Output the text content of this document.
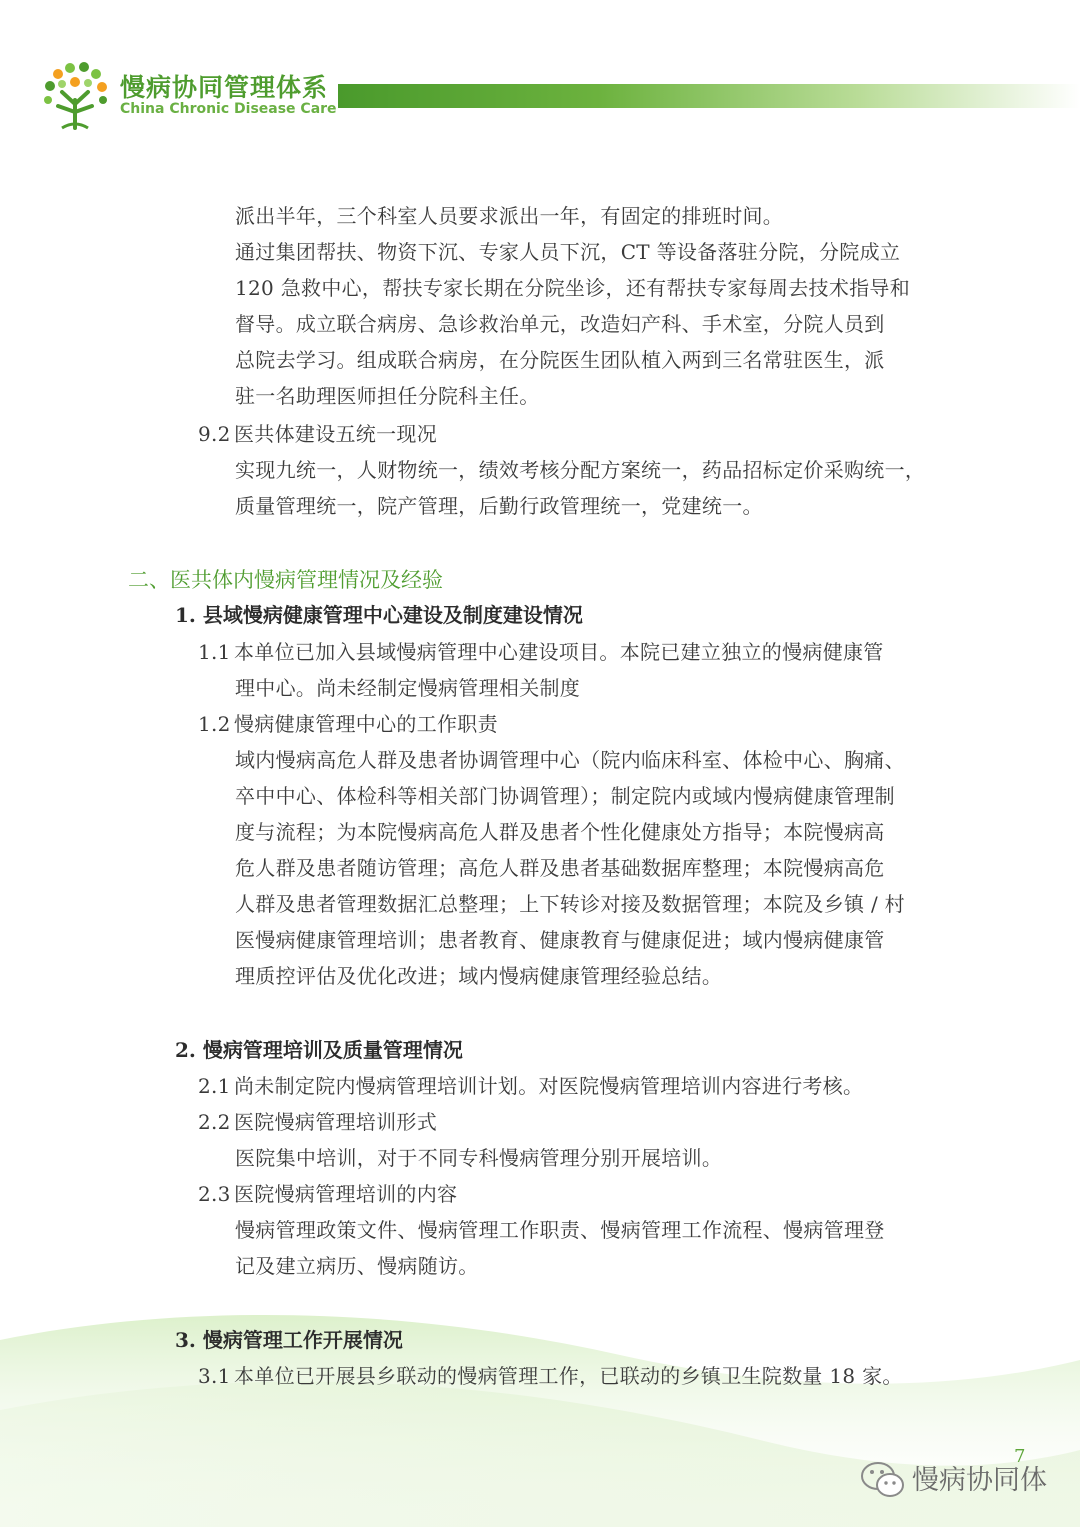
慢病协同管理体系
China Chronic Disease Care
派出半年，三个科室人员要求派出一年，有固定的排班时间。
通过集团帮扶、物资下沉、专家人员下沉，CT 等设备落驻分院，分院成立
120 急救中心，帮扶专家长期在分院坐诊，还有帮扶专家每周去技术指导和
督导。成立联合病房、急诊救治单元，改造妇产科、手术室，分院人员到
总院去学习。组成联合病房，在分院医生团队植入两到三名常驻医生，派
驻一名助理医师担任分院科主任。
9.2 医共体建设五统一现况
实现九统一，人财物统一，绩效考核分配方案统一，药品招标定价采购统一，
质量管理统一，院产管理，后勤行政管理统一，党建统一。
二、医共体内慢病管理情况及经验
1. 县域慢病健康管理中心建设及制度建设情况
1.1 本单位已加入县域慢病管理中心建设项目。本院已建立独立的慢病健康管
理中心。尚未经制定慢病管理相关制度
1.2 慢病健康管理中心的工作职责
域内慢病高危人群及患者协调管理中心（院内临床科室、体检中心、胸痛、
卒中中心、体检科等相关部门协调管理）；制定院内或域内慢病健康管理制
度与流程；为本院慢病高危人群及患者个性化健康处方指导；本院慢病高
危人群及患者随访管理；高危人群及患者基础数据库整理；本院慢病高危
人群及患者管理数据汇总整理；上下转诊对接及数据管理；本院及乡镇 / 村
医慢病健康管理培训；患者教育、健康教育与健康促进；域内慢病健康管
理质控评估及优化改进；域内慢病健康管理经验总结。
2. 慢病管理培训及质量管理情况
2.1 尚未制定院内慢病管理培训计划。对医院慢病管理培训内容进行考核。
2.2 医院慢病管理培训形式
医院集中培训，对于不同专科慢病管理分别开展培训。
2.3 医院慢病管理培训的内容
慢病管理政策文件、慢病管理工作职责、慢病管理工作流程、慢病管理登
记及建立病历、慢病随访。
3. 慢病管理工作开展情况
3.1 本单位已开展县乡联动的慢病管理工作，已联动的乡镇卫生院数量 18 家。
7
慢病协同体
